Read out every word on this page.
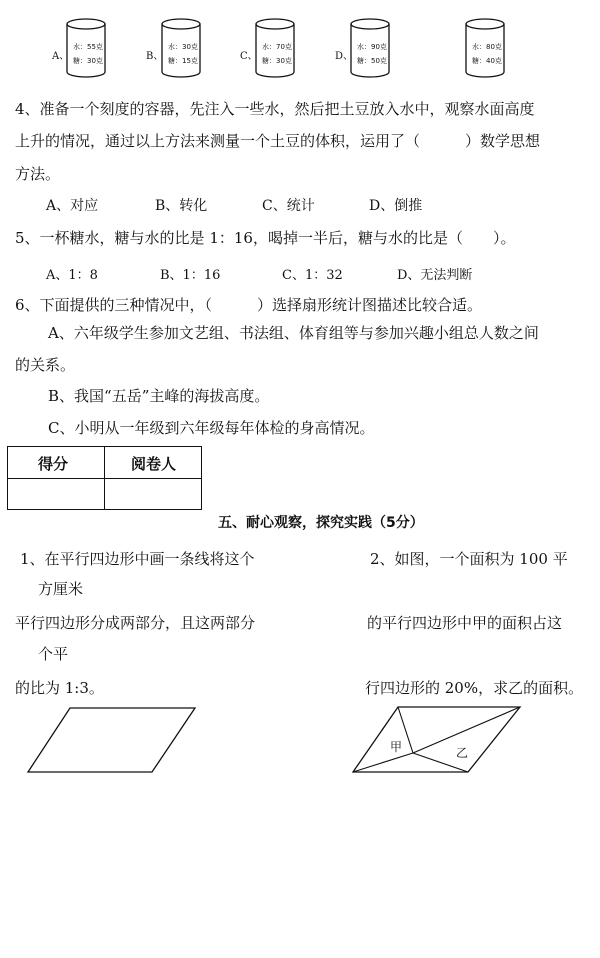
A、
水：55克
糖：30克	B、
水：30克
糖：15克	C、
水：70克
糖：30克	D、
水：90克
糖：50克
水：80克
糖：40克
4、准备一个刻度的容器，先注入一些水，然后把土豆放入水中，观察水面高度
上升的情况，通过以上方法来测量一个土豆的体积，运用了（　　　）数学思想
方法。
A、对应	B、转化	C、统计	D、倒推
5、一杯糖水，糖与水的比是 1：16，喝掉一半后，糖与水的比是（　　）。
A、1：8	B、1：16	C、1：32	D、无法判断
6、下面提供的三种情况中，（　　　）选择扇形统计图描述比较合适。
A、六年级学生参加文艺组、书法组、体育组等与参加兴趣小组总人数之间
的关系。
B、我国“五岳”主峰的海拔高度。
C、小明从一年级到六年级每年体检的身高情况。
得分	阅卷人
五、耐心观察，探究实践（5分）
1、在平行四边形中画一条线将这个	2、如图，一个面积为 100 平
方厘米
平行四边形分成两部分，且这两部分	的平行四边形中甲的面积占这
个平
的比为 1:3。	行四边形的 20%，求乙的面积。
甲	乙
